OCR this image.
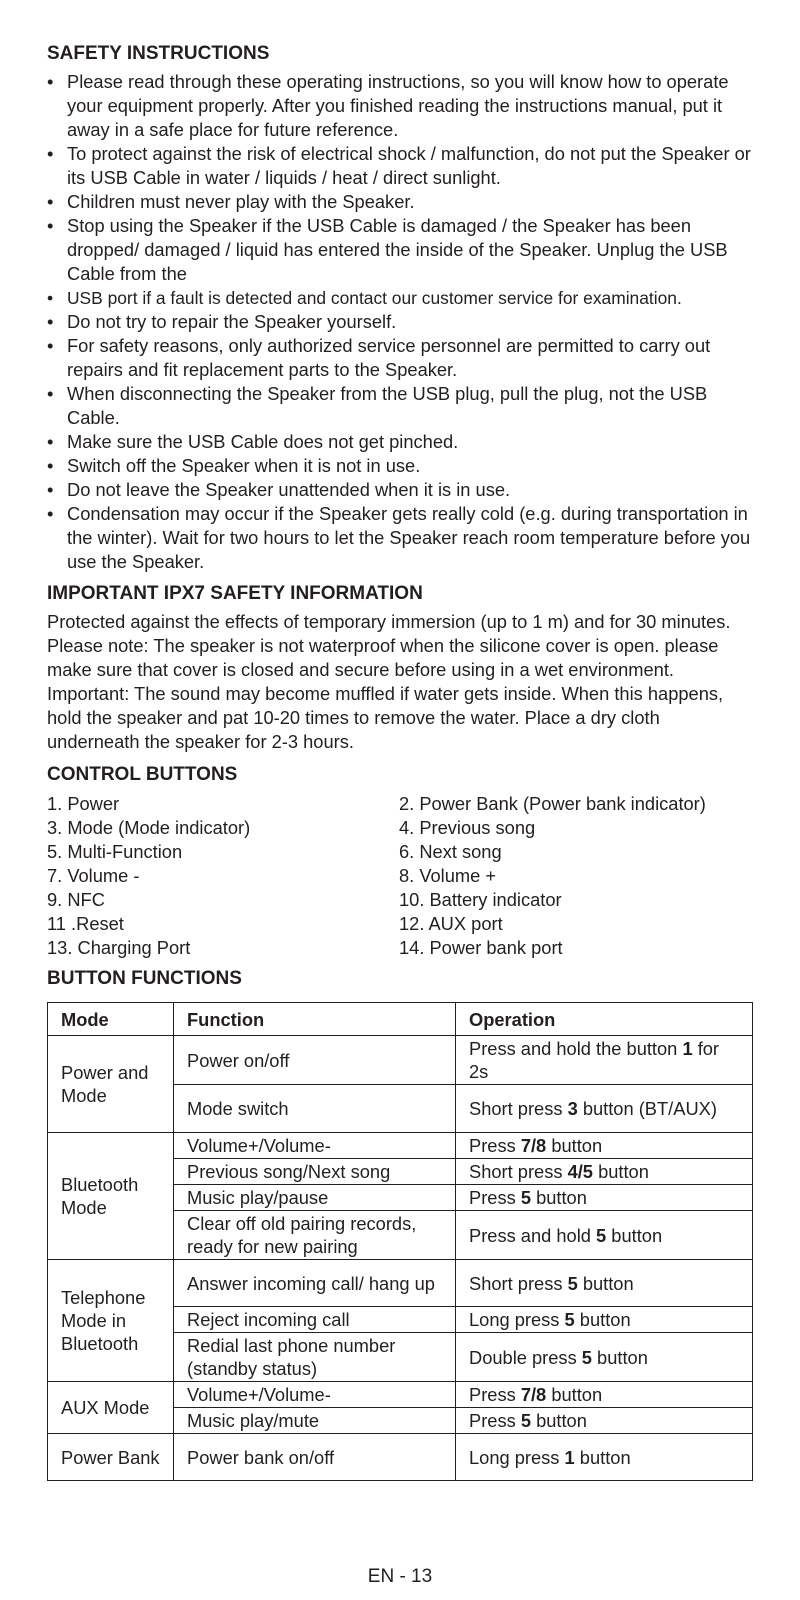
SAFETY INSTRUCTIONS
• Please read through these operating instructions, so you will know how to operate your equipment properly. After you finished reading the instructions manual, put it away in a safe place for future reference.
• To protect against the risk of electrical shock / malfunction, do not put the Speaker or its USB Cable in water / liquids / heat / direct sunlight.
• Children must never play with the Speaker.
• Stop using the Speaker if the USB Cable is damaged / the Speaker has been dropped/ damaged / liquid has entered the inside of the Speaker. Unplug the USB Cable from the
• USB port if a fault is detected and contact our customer service for examination.
• Do not try to repair the Speaker yourself.
• For safety reasons, only authorized service personnel are permitted to carry out repairs and fit replacement parts to the Speaker.
• When disconnecting the Speaker from the USB plug, pull the plug, not the USB Cable.
• Make sure the USB Cable does not get pinched.
• Switch off the Speaker when it is not in use.
• Do not leave the Speaker unattended when it is in use.
• Condensation may occur if the Speaker gets really cold (e.g. during transportation in the winter). Wait for two hours to let the Speaker reach room temperature before you use the Speaker.
IMPORTANT IPX7 SAFETY INFORMATION

Protected against the effects of temporary immersion (up to 1 m) and for 30 minutes. Please note: The speaker is not waterproof when the silicone cover is open. please make sure that cover is closed and secure before using in a wet environment. Important: The sound may become muffled if water gets inside. When this happens, hold the speaker and pat 10-20 times to remove the water. Place a dry cloth underneath the speaker for 2-3 hours.

CONTROL BUTTONS
1. Power	2. Power Bank (Power bank indicator)
3. Mode (Mode indicator)	4. Previous song
5. Multi-Function	6. Next song
7. Volume -	8. Volume +
9. NFC	10. Battery indicator
11 .Reset	12. AUX port
13. Charging Port	14. Power bank port
BUTTON FUNCTIONS
Mode	Function	Operation
Power and Mode	Power on/off	Press and hold the button 1 for 2s
	Mode switch	Short press 3 button (BT/AUX)
Bluetooth Mode	Volume+/Volume-	Press 7/8 button
	Previous song/Next song	Short press 4/5 button
	Music play/pause	Press 5 button
	Clear off old pairing records, ready for new pairing	Press and hold 5 button
Telephone Mode in Bluetooth	Answer incoming call/ hang up	Short press 5 button
	Reject incoming call	Long press 5 button
	Redial last phone number (standby status)	Double press 5 button
AUX Mode	Volume+/Volume-	Press 7/8 button
	Music play/mute	Press 5 button
Power Bank	Power bank on/off	Long press 1 button
EN - 13
